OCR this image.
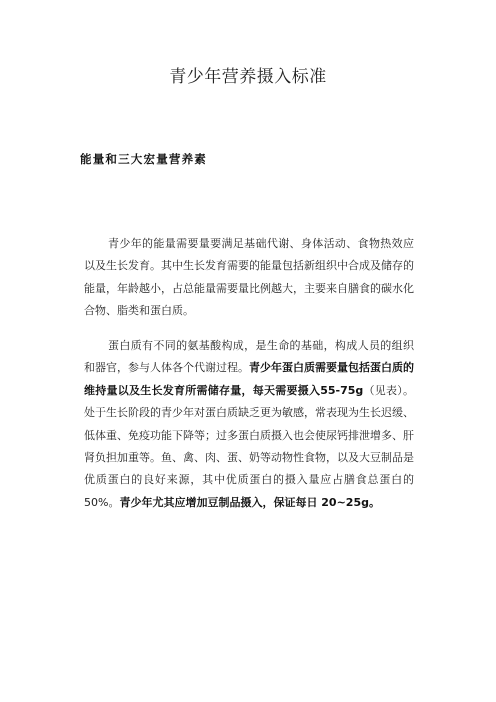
青少年营养摄入标准
能量和三大宏量营养素

青少年的能量需要量要满足基础代谢、身体活动、食物热效应以及生长发育。其中生长发育需要的能量包括新组织中合成及储存的能量，年龄越小，占总能量需要量比例越大，主要来自膳食的碳水化合物、脂类和蛋白质。

蛋白质有不同的氨基酸构成，是生命的基础，构成人员的组织和器官，参与人体各个代谢过程。青少年蛋白质需要量包括蛋白质的维持量以及生长发育所需储存量，每天需要摄入55-75g（见表）。处于生长阶段的青少年对蛋白质缺乏更为敏感，常表现为生长迟缓、低体重、免疫功能下降等；过多蛋白质摄入也会使尿钙排泄增多、肝肾负担加重等。鱼、禽、肉、蛋、奶等动物性食物，以及大豆制品是优质蛋白的良好来源，其中优质蛋白的摄入量应占膳食总蛋白的 50%。青少年尤其应增加豆制品摄入，保证每日 20~25g。
